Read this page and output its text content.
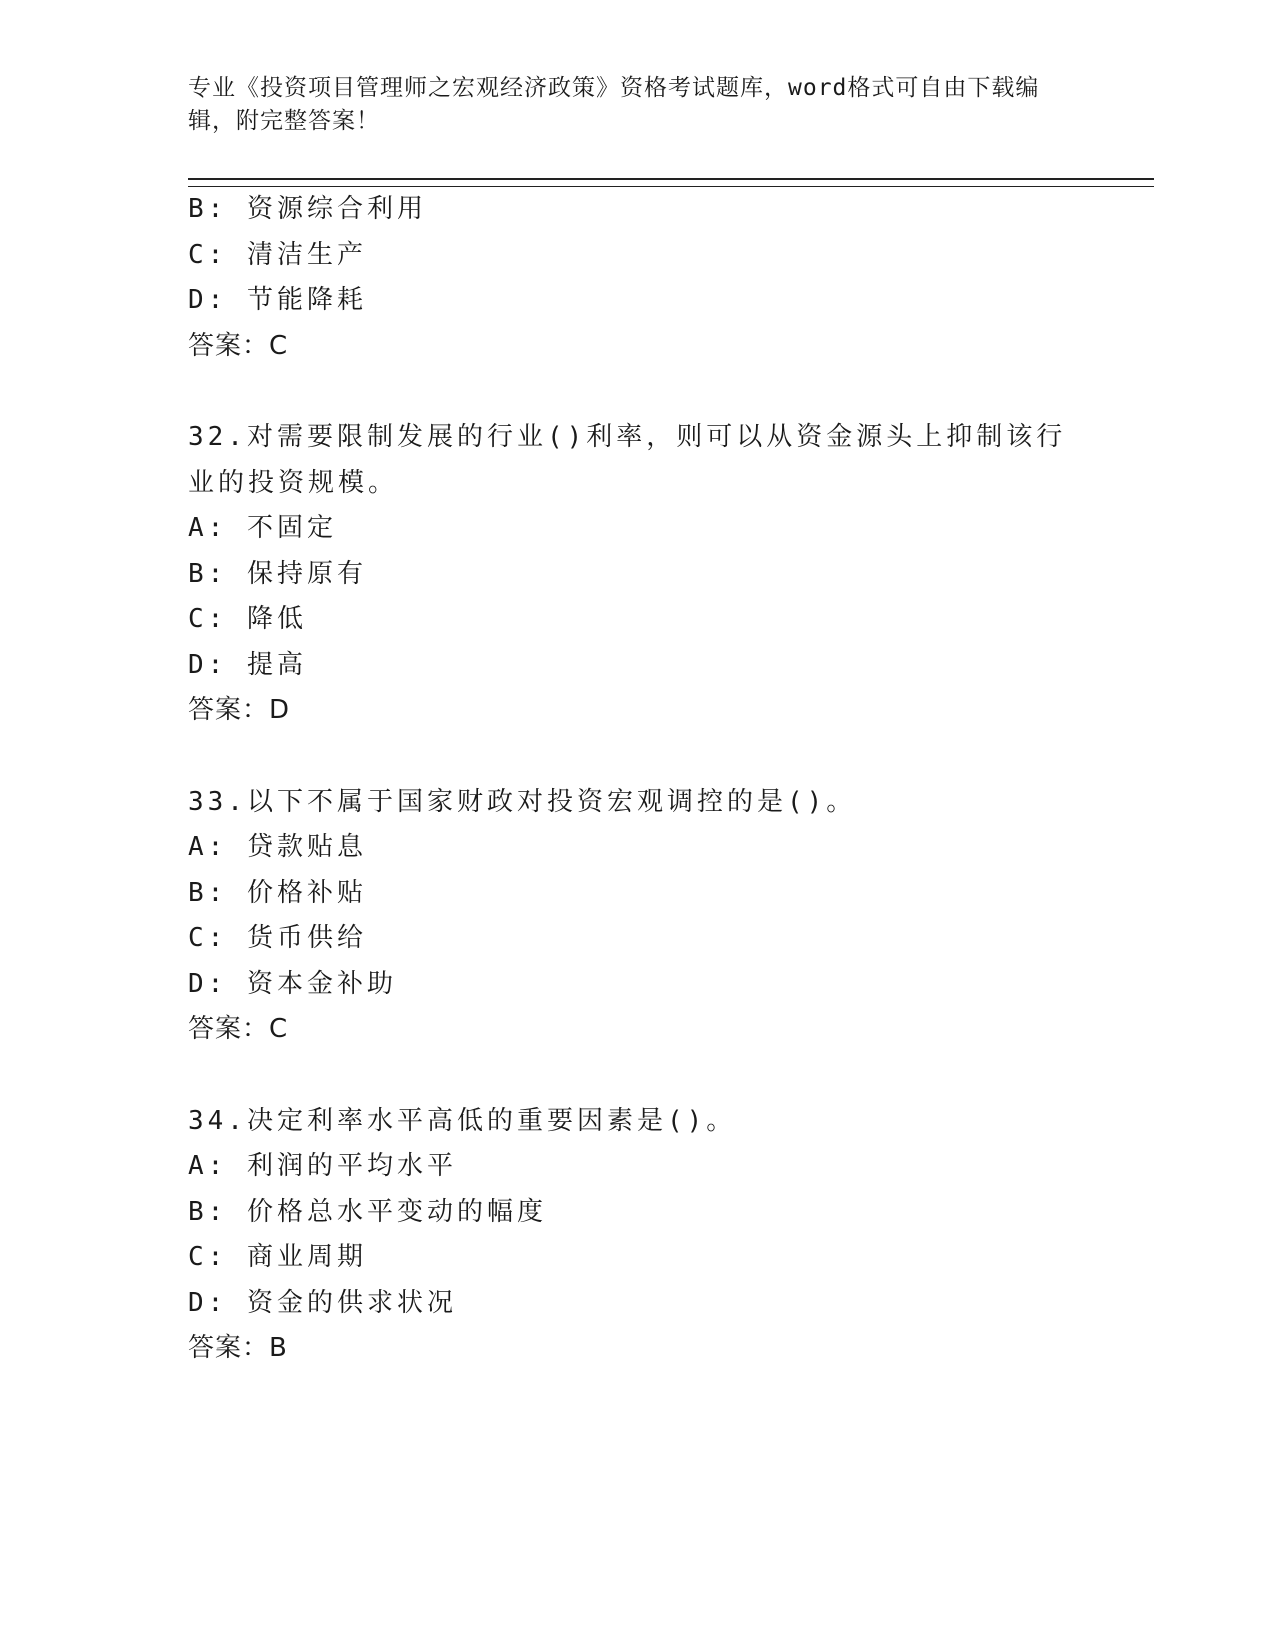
专业《投资项目管理师之宏观经济政策》资格考试题库，word格式可自由下载编辑，附完整答案！
B: 资源综合利用
C: 清洁生产
D: 节能降耗
答案：C
32.对需要限制发展的行业()利率，则可以从资金源头上抑制该行业的投资规模。
A: 不固定
B: 保持原有
C: 降低
D: 提高
答案：D
33.以下不属于国家财政对投资宏观调控的是()。
A: 贷款贴息
B: 价格补贴
C: 货币供给
D: 资本金补助
答案：C
34.决定利率水平高低的重要因素是()。
A: 利润的平均水平
B: 价格总水平变动的幅度
C: 商业周期
D: 资金的供求状况
答案：B
